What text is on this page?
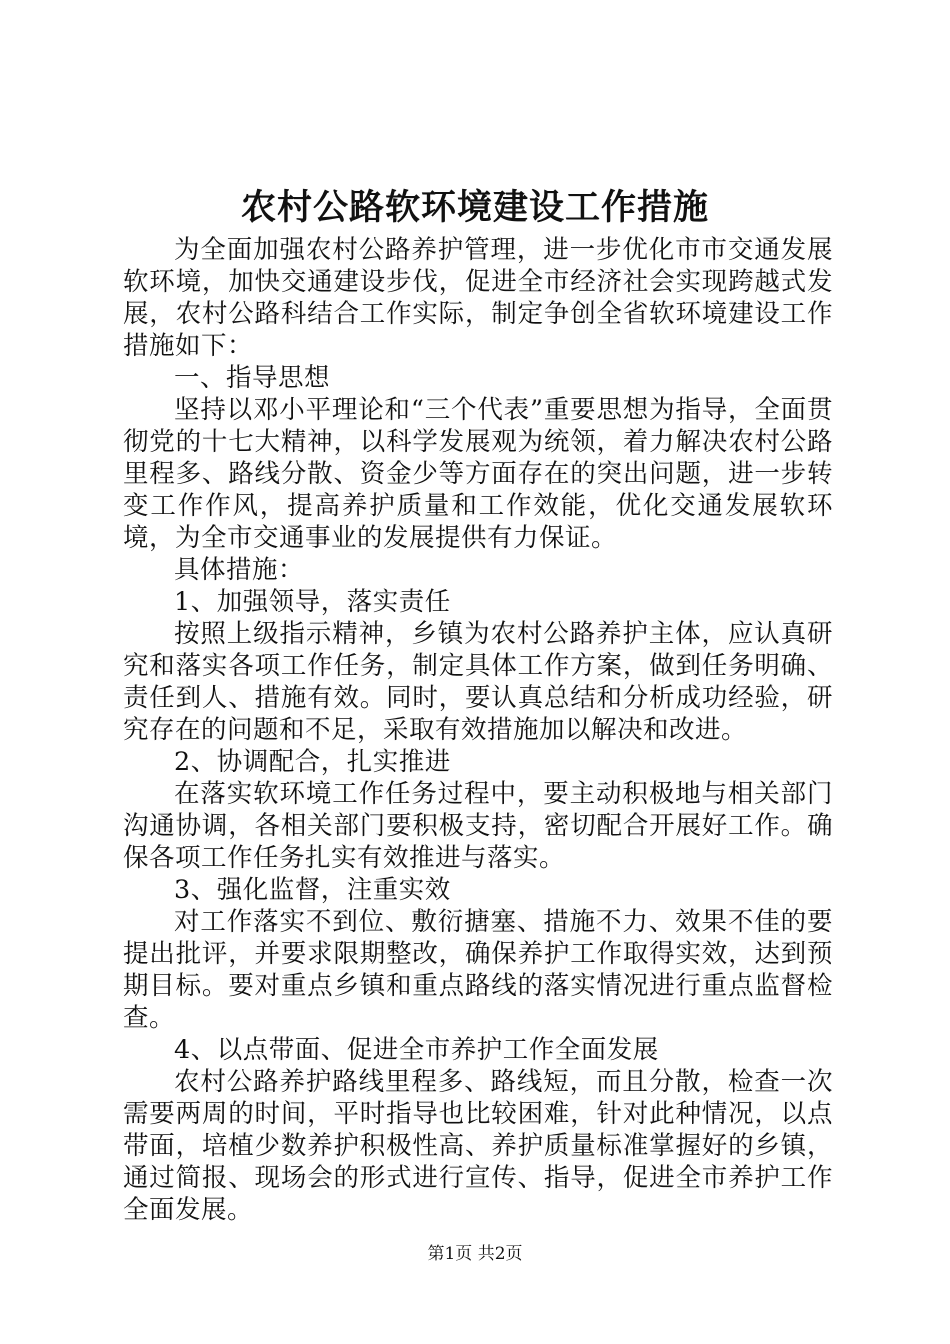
农村公路软环境建设工作措施

为全面加强农村公路养护管理，进一步优化市市交通发展软环境，加快交通建设步伐，促进全市经济社会实现跨越式发展，农村公路科结合工作实际，制定争创全省软环境建设工作措施如下：

一、指导思想

坚持以邓小平理论和“三个代表”重要思想为指导，全面贯彻党的十七大精神，以科学发展观为统领，着力解决农村公路里程多、路线分散、资金少等方面存在的突出问题，进一步转变工作作风，提高养护质量和工作效能，优化交通发展软环境，为全市交通事业的发展提供有力保证。

具体措施：

1、加强领导，落实责任

按照上级指示精神，乡镇为农村公路养护主体，应认真研究和落实各项工作任务，制定具体工作方案，做到任务明确、责任到人、措施有效。同时，要认真总结和分析成功经验，研究存在的问题和不足，采取有效措施加以解决和改进。

2、协调配合，扎实推进

在落实软环境工作任务过程中，要主动积极地与相关部门沟通协调，各相关部门要积极支持，密切配合开展好工作。确保各项工作任务扎实有效推进与落实。

3、强化监督，注重实效

对工作落实不到位、敷衍搪塞、措施不力、效果不佳的要提出批评，并要求限期整改，确保养护工作取得实效，达到预期目标。要对重点乡镇和重点路线的落实情况进行重点监督检查。

4、以点带面、促进全市养护工作全面发展

农村公路养护路线里程多、路线短，而且分散，检查一次需要两周的时间，平时指导也比较困难，针对此种情况，以点带面，培植少数养护积极性高、养护质量标准掌握好的乡镇，通过简报、现场会的形式进行宣传、指导，促进全市养护工作全面发展。

第1页 共2页
